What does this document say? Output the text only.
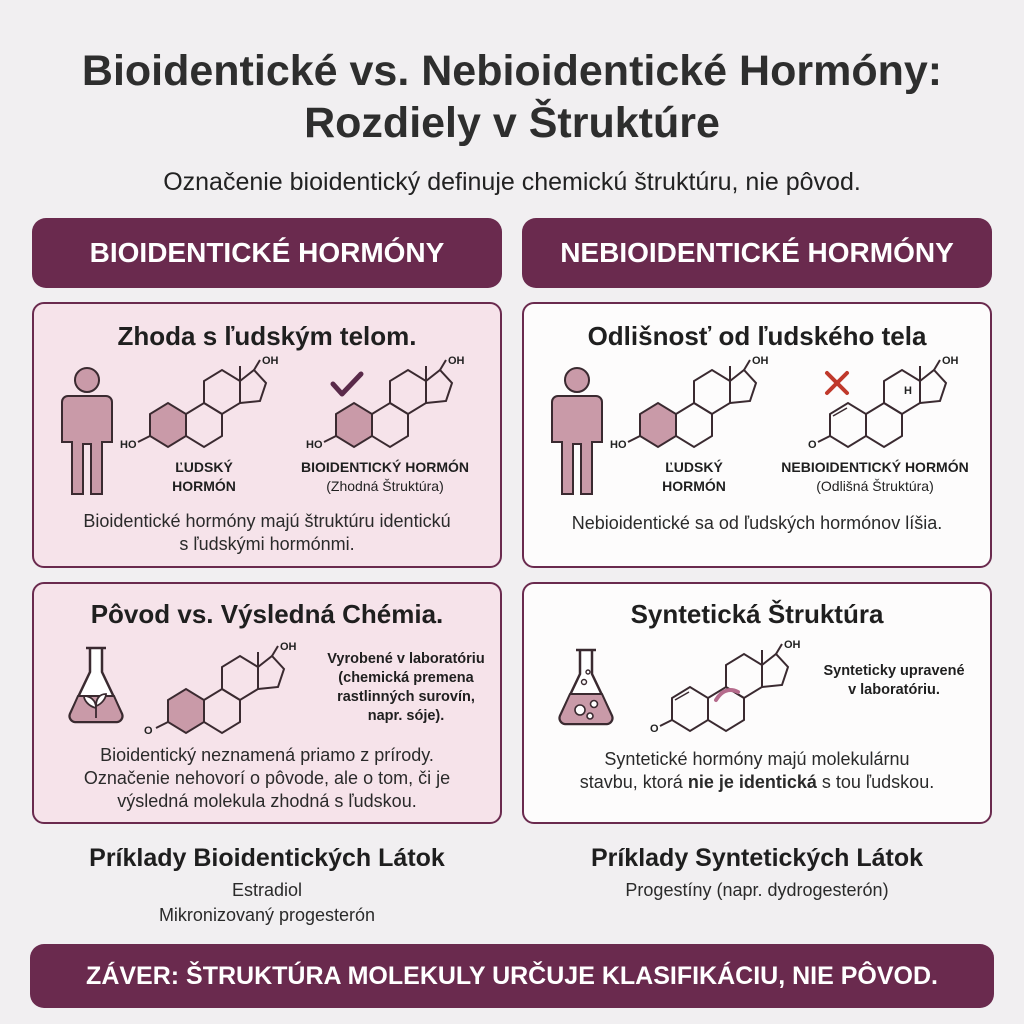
Bioidentické vs. Nebioidentické Hormóny:
Rozdiely v Štruktúre
Označenie bioidentický definuje chemickú štruktúru, nie pôvod.
BIOIDENTICKÉ HORMÓNY	NEBIOIDENTICKÉ HORMÓNY
Zhoda s ľudským telom.
OH
HO
OH
HO
ĽUDSKÝ
HORMÓN
BIOIDENTICKÝ HORMÓN
(Zhodná Štruktúra)
Bioidentické hormóny majú štruktúru identickú
s ľudskými hormónmi.
Odlišnosť od ľudského tela
OH
HO
OH
O
H
ĽUDSKÝ
HORMÓN
NEBIOIDENTICKÝ HORMÓN
(Odlišná Štruktúra)
Nebioidentické sa od ľudských hormónov líšia.
Pôvod vs. Výsledná Chémia.
OH
O
Vyrobené v laboratóriu
(chemická premena
rastlinných surovín,
napr. sóje).
Bioidentický neznamená priamo z prírody.
Označenie nehovorí o pôvode, ale o tom, či je
výsledná molekula zhodná s ľudskou.
Syntetická Štruktúra
OH
O
Synteticky upravené
v laboratóriu.
Syntetické hormóny majú molekulárnu
stavbu, ktorá nie je identická s tou ľudskou.
Príklady Bioidentických Látok
Estradiol
Mikronizovaný progesterón
Príklady Syntetických Látok
Progestíny (napr. dydrogesterón)
ZÁVER: ŠTRUKTÚRA MOLEKULY URČUJE KLASIFIKÁCIU, NIE PÔVOD.
